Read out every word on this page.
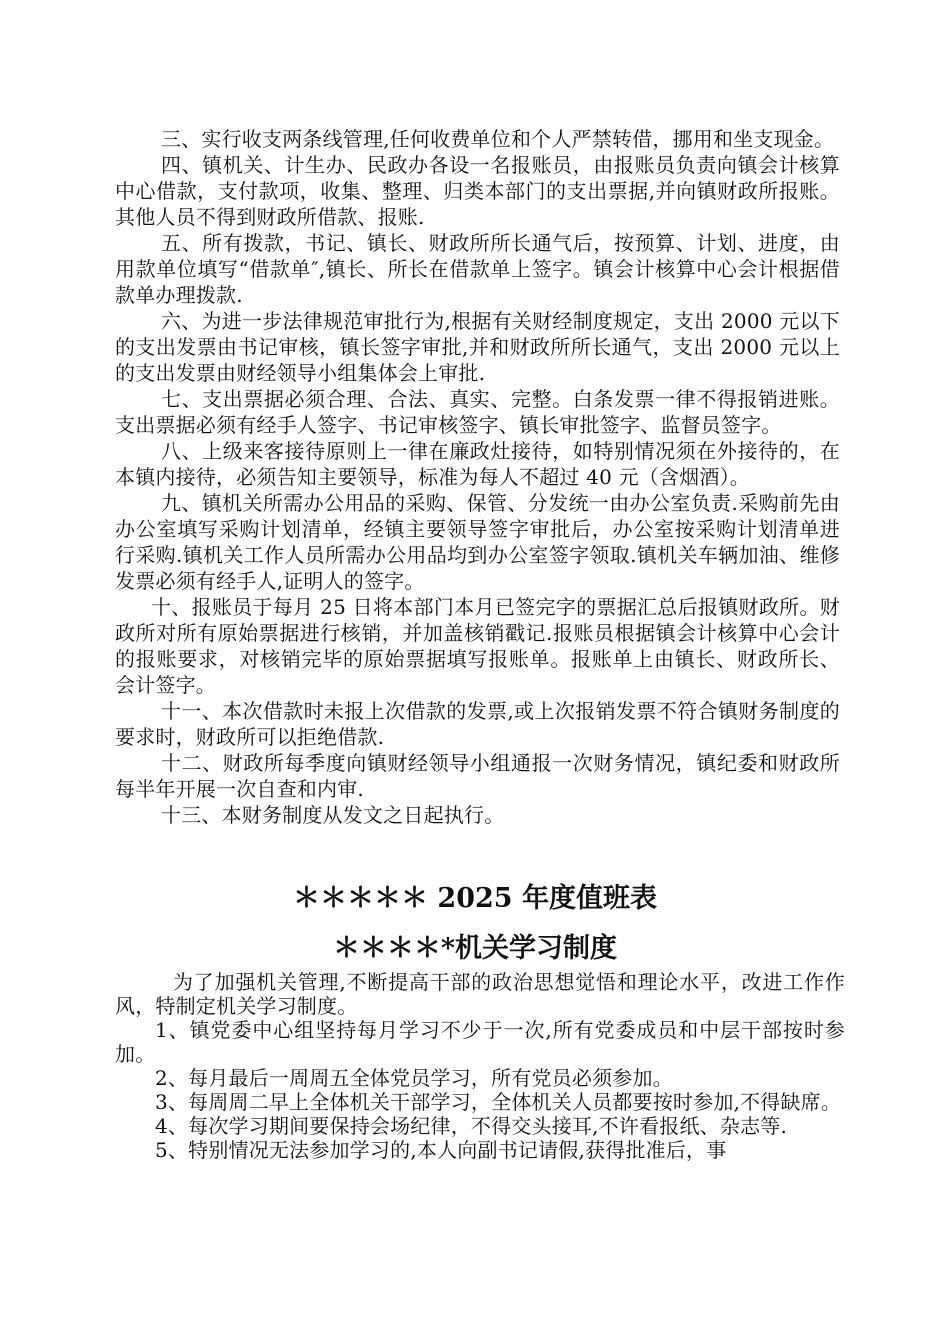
三、实行收支两条线管理,任何收费单位和个人严禁转借，挪用和坐支现金。

四、镇机关、计生办、民政办各设一名报账员，由报账员负责向镇会计核算中心借款，支付款项，收集、整理、归类本部门的支出票据,并向镇财政所报账。其他人员不得到财政所借款、报账.

五、所有拨款，书记、镇长、财政所所长通气后，按预算、计划、进度，由用款单位填写“借款单″,镇长、所长在借款单上签字。镇会计核算中心会计根据借款单办理拨款.

六、为进一步法律规范审批行为,根据有关财经制度规定，支出 2000 元以下的支出发票由书记审核，镇长签字审批,并和财政所所长通气，支出 2000 元以上的支出发票由财经领导小组集体会上审批.

七、支出票据必须合理、合法、真实、完整。白条发票一律不得报销进账。支出票据必须有经手人签字、书记审核签字、镇长审批签字、监督员签字。

八、上级来客接待原则上一律在廉政灶接待，如特别情况须在外接待的，在本镇内接待，必须告知主要领导，标准为每人不超过 40 元（含烟酒）。

九、镇机关所需办公用品的采购、保管、分发统一由办公室负责.采购前先由办公室填写采购计划清单，经镇主要领导签字审批后，办公室按采购计划清单进行采购.镇机关工作人员所需办公用品均到办公室签字领取.镇机关车辆加油、维修发票必须有经手人,证明人的签字。

十、报账员于每月 25 日将本部门本月已签完字的票据汇总后报镇财政所。财政所对所有原始票据进行核销，并加盖核销戳记.报账员根据镇会计核算中心会计的报账要求，对核销完毕的原始票据填写报账单。报账单上由镇长、财政所长、会计签字。

十一、本次借款时未报上次借款的发票,或上次报销发票不符合镇财务制度的要求时，财政所可以拒绝借款.

十二、财政所每季度向镇财经领导小组通报一次财务情况，镇纪委和财政所每半年开展一次自查和内审.

十三、本财务制度从发文之日起执行。

＊＊＊＊＊ 2025 年度值班表
＊＊＊＊*机关学习制度

为了加强机关管理,不断提高干部的政治思想觉悟和理论水平，改进工作作风，特制定机关学习制度。

1、镇党委中心组坚持每月学习不少于一次,所有党委成员和中层干部按时参加。

2、每月最后一周周五全体党员学习，所有党员必须参加。

3、每周周二早上全体机关干部学习，全体机关人员都要按时参加,不得缺席。

4、每次学习期间要保持会场纪律，不得交头接耳,不许看报纸、杂志等.

5、特别情况无法参加学习的,本人向副书记请假,获得批准后，事
